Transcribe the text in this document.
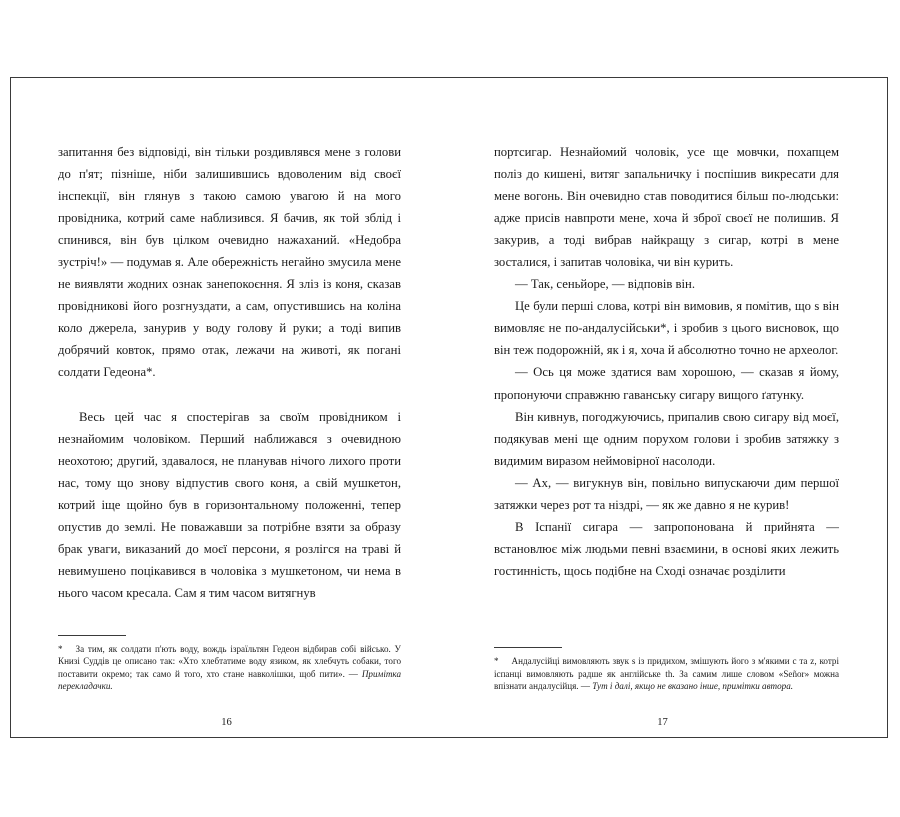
запитання без відповіді, він тільки роздивлявся мене з голови до п'ят; пізніше, ніби залишившись вдоволеним від своєї інспекції, він глянув з такою самою увагою й на мого провідника, котрий саме наблизився. Я бачив, як той зблід і спинився, він був цілком очевидно нажаханий. «Недобра зустріч!» — подумав я. Але обережність негайно змусила мене не виявляти жодних ознак занепокоєння. Я зліз із коня, сказав провідникові його розгнуздати, а сам, опустившись на коліна коло джерела, занурив у воду голову й руки; а тоді випив добрячий ковток, прямо отак, лежачи на животі, як погані солдати Гедеона*.

Весь цей час я спостерігав за своїм провідником і незнайомим чоловіком. Перший наближався з очевидною неохотою; другий, здавалося, не планував нічого лихого проти нас, тому що знову відпустив свого коня, а свій мушкетон, котрий іще щойно був в горизонтальному положенні, тепер опустив до землі. Не поважавши за потрібне взяти за образу брак уваги, виказаний до моєї персони, я розлігся на траві й невимушено поцікавився в чоловіка з мушкетоном, чи нема в нього часом кресала. Сам я тим часом витягнув

* За тим, як солдати п'ють воду, вождь ізраїльтян Гедеон відбирав собі військо. У Книзі Суддів це описано так: «Хто хлебтатиме воду язиком, як хлебчуть собаки, того поставити окремо; так само й того, хто стане навколішки, щоб пити». — Примітка перекладачки.

16

портсигар. Незнайомий чоловік, усе ще мовчки, похапцем поліз до кишені, витяг запальничку і поспішив викресати для мене вогонь. Він очевидно став поводитися більш по-людськи: адже присів навпроти мене, хоча й зброї своєї не полишив. Я закурив, а тоді вибрав найкращу з сигар, котрі в мене зосталися, і запитав чоловіка, чи він курить.

— Так, сеньйоре, — відповів він.

Це були перші слова, котрі він вимовив, я помітив, що s він вимовляє не по-андалусійськи*, і зробив з цього висновок, що він теж подорожній, як і я, хоча й абсолютно точно не археолог.

— Ось ця може здатися вам хорошою, — сказав я йому, пропонуючи справжню гаванську сигару вищого ґатунку.

Він кивнув, погоджуючись, припалив свою сигару від моєї, подякував мені ще одним порухом голови і зробив затяжку з видимим виразом неймовірної насолоди.

— Ах, — вигукнув він, повільно випускаючи дим першої затяжки через рот та ніздрі, — як же давно я не курив!

В Іспанії сигара — запропонована й прийнята — встановлює між людьми певні взаємини, в основі яких лежить гостинність, щось подібне на Сході означає розділити

* Андалусійці вимовляють звук s із придихом, змішують його з м'якими c та z, котрі іспанці вимовляють радше як англійське th. За самим лише словом «Señor» можна впізнати андалусійця. — Тут і далі, якщо не вказано інше, примітки автора.

17
